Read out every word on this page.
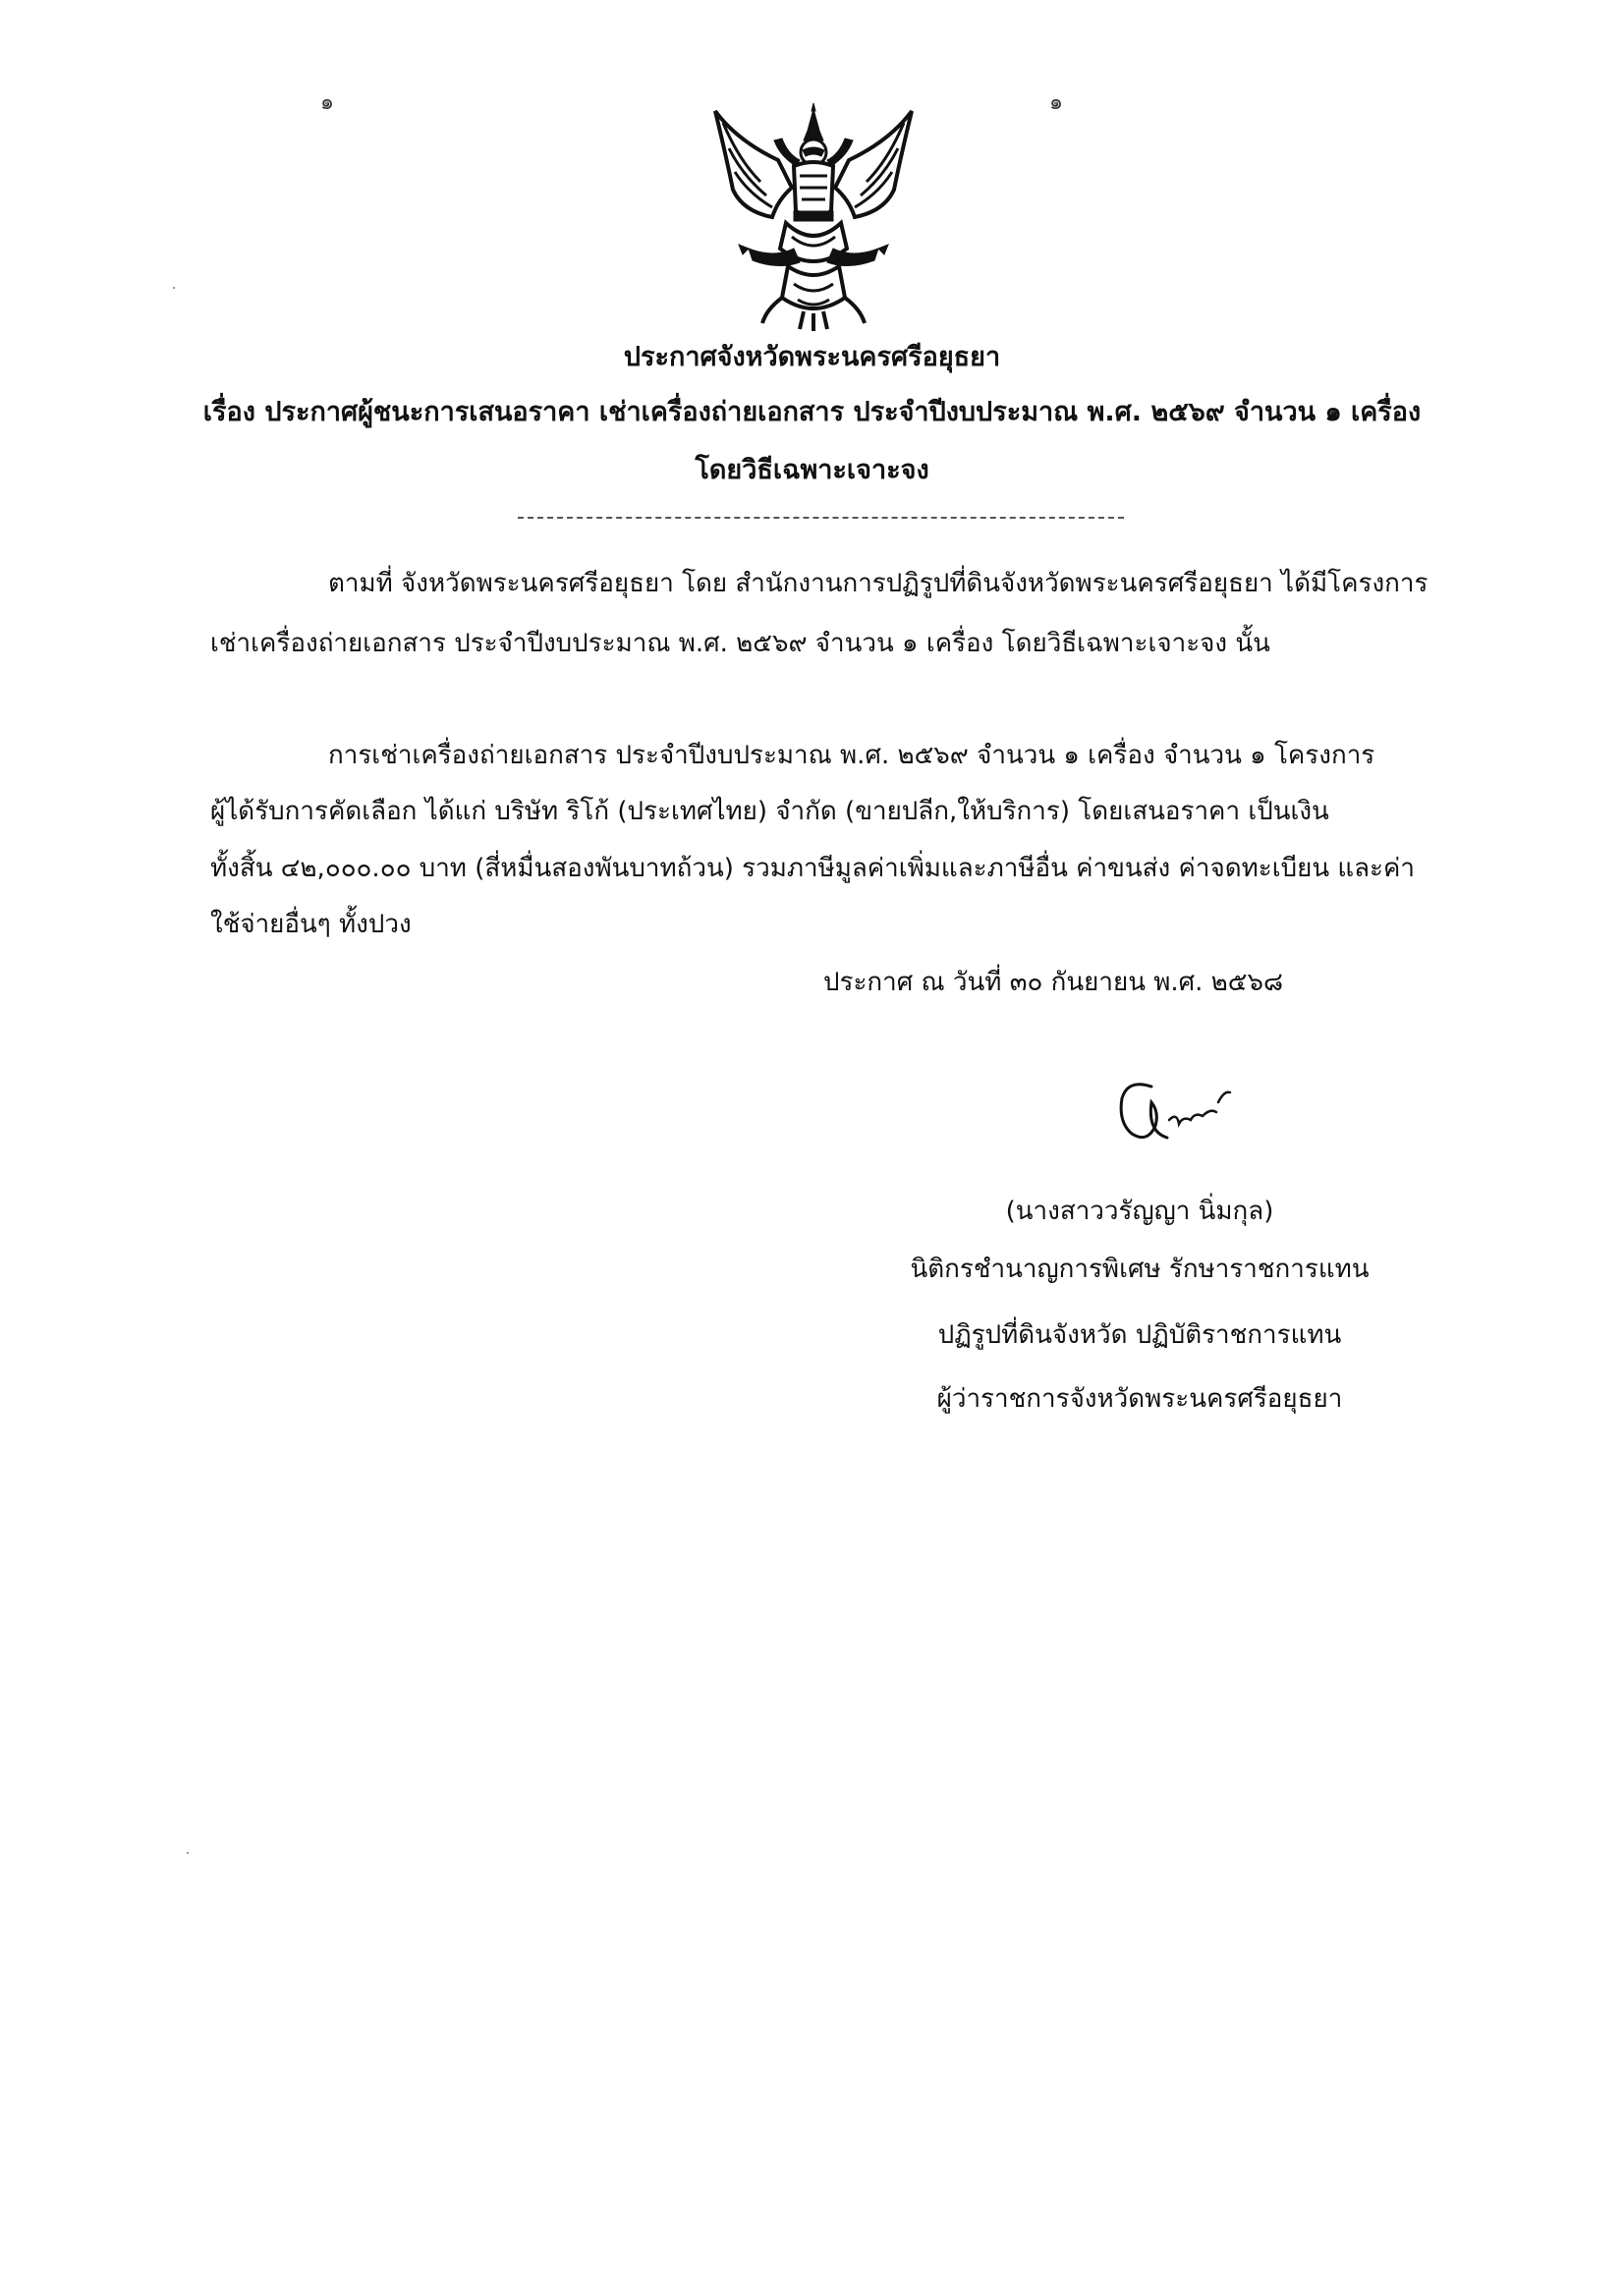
๑	๑
ประกาศจังหวัดพระนครศรีอยุธยา
เรื่อง ประกาศผู้ชนะการเสนอราคา เช่าเครื่องถ่ายเอกสาร ประจำปีงบประมาณ พ.ศ. ๒๕๖๙ จำนวน ๑ เครื่อง
โดยวิธีเฉพาะเจาะจง
ตามที่ จังหวัดพระนครศรีอยุธยา โดย สำนักงานการปฏิรูปที่ดินจังหวัดพระนครศรีอยุธยา ได้มีโครงการ
เช่าเครื่องถ่ายเอกสาร ประจำปีงบประมาณ พ.ศ. ๒๕๖๙ จำนวน ๑ เครื่อง โดยวิธีเฉพาะเจาะจง นั้น
การเช่าเครื่องถ่ายเอกสาร ประจำปีงบประมาณ พ.ศ. ๒๕๖๙ จำนวน ๑ เครื่อง จำนวน ๑ โครงการ
ผู้ได้รับการคัดเลือก ได้แก่ บริษัท ริโก้ (ประเทศไทย) จำกัด (ขายปลีก,ให้บริการ) โดยเสนอราคา เป็นเงิน
ทั้งสิ้น ๔๒,๐๐๐.๐๐ บาท (สี่หมื่นสองพันบาทถ้วน) รวมภาษีมูลค่าเพิ่มและภาษีอื่น ค่าขนส่ง ค่าจดทะเบียน และค่า
ใช้จ่ายอื่นๆ ทั้งปวง
ประกาศ ณ วันที่ ๓๐ กันยายน พ.ศ. ๒๕๖๘
(นางสาววรัญญา นิ่มกุล)
นิติกรชำนาญการพิเศษ รักษาราชการแทน
ปฏิรูปที่ดินจังหวัด ปฏิบัติราชการแทน
ผู้ว่าราชการจังหวัดพระนครศรีอยุธยา
